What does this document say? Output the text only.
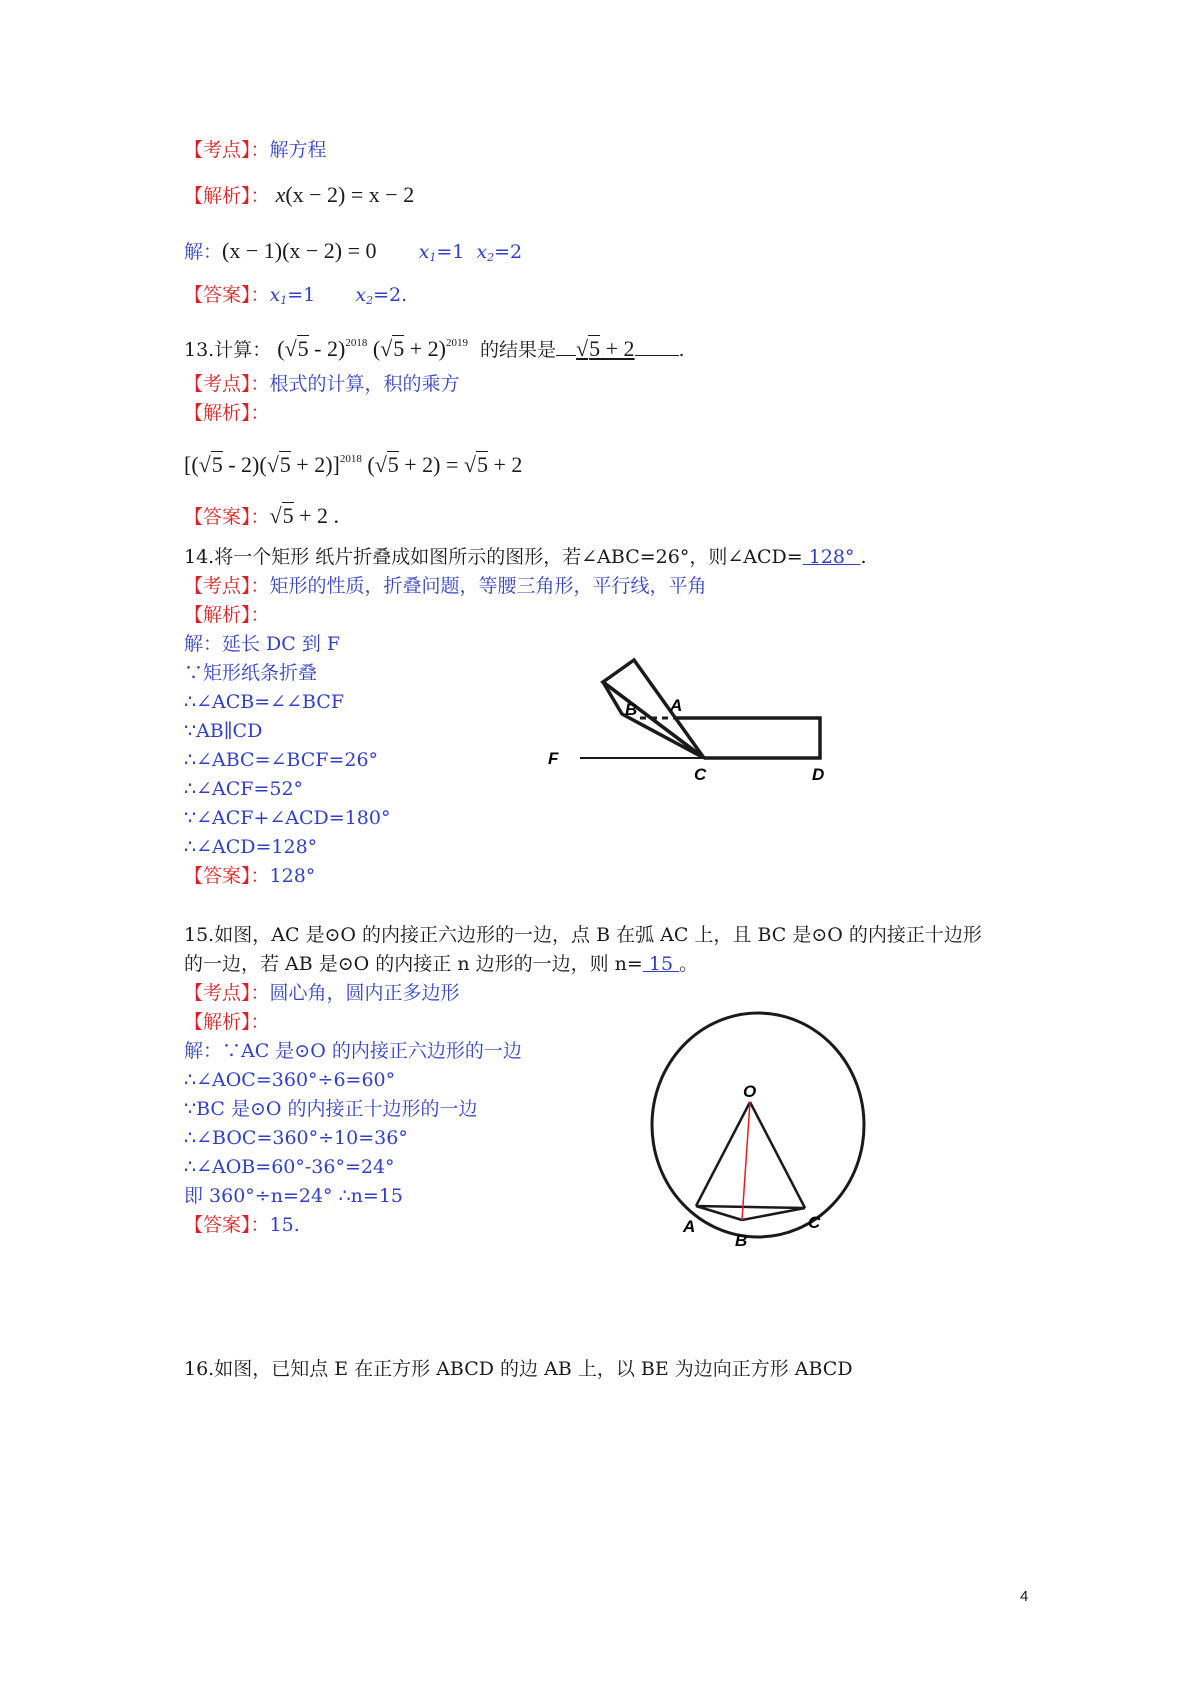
【考点】：解方程
【解析】： x(x − 2) = x − 2
解：(x − 1)(x − 2) = 0 $x_1=1$ $x_2=2$
【答案】：$x_1=1$ $x_2=2$.
13.计算： (√5 - 2)$^{2018}$ $(√5 + 2)^{2019}$ 的结果是 √5 + 2 .
【考点】：根式的计算，积的乘方
【解析】：
$[(√5 - 2)(√5 + 2)]^{2018}$ (√5 + 2) = √5 + 2
【答案】：√5 + 2 .
14.将一个矩形 纸片折叠成如图所示的图形，若∠ABC=26°，则∠ACD= 128° .
【考点】：矩形的性质，折叠问题，等腰三角形，平行线，平角
【解析】：
解：延长 DC 到 F
∵矩形纸条折叠
∴∠ACB=∠∠BCF
∵AB∥CD
∴∠ABC=∠BCF=26°
∴∠ACF=52°
∵∠ACF+∠ACD=180°
∴∠ACD=128°
【答案】：128°
B A
C	D
F
15.如图，AC 是⊙O 的内接正六边形的一边，点 B 在弧 AC 上，且 BC 是⊙O 的内接正十边形
的一边，若 AB 是⊙O 的内接正 n 边形的一边，则 n= 15 。
【考点】：圆心角，圆内正多边形
【解析】：
解：∵AC 是⊙O 的内接正六边形的一边
∴∠AOC=360°÷6=60°
∵BC 是⊙O 的内接正十边形的一边
∴∠BOC=360°÷10=36°
∴∠AOB=60°-36°=24°
即 360°÷n=24° ∴n=15
【答案】：15.
O
A
B
C
16.如图，已知点 E 在正方形 ABCD 的边 AB 上，以 BE 为边向正方形 ABCD
4
